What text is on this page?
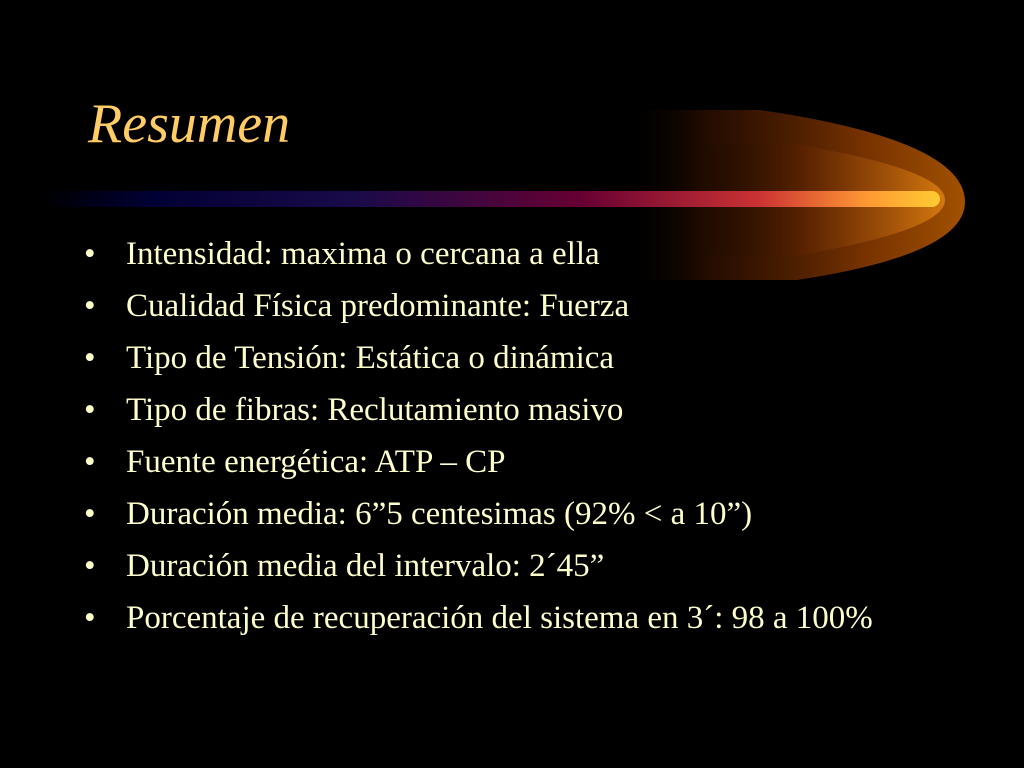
Resumen
• Intensidad: maxima o cercana a ella
• Cualidad Física predominante: Fuerza
• Tipo de Tensión: Estática o dinámica
• Tipo de fibras: Reclutamiento masivo
• Fuente energética: ATP – CP
• Duración media: 6”5 centesimas (92% < a 10”)
• Duración media del intervalo: 2´45”
• Porcentaje de recuperación del sistema en 3´: 98 a 100%
